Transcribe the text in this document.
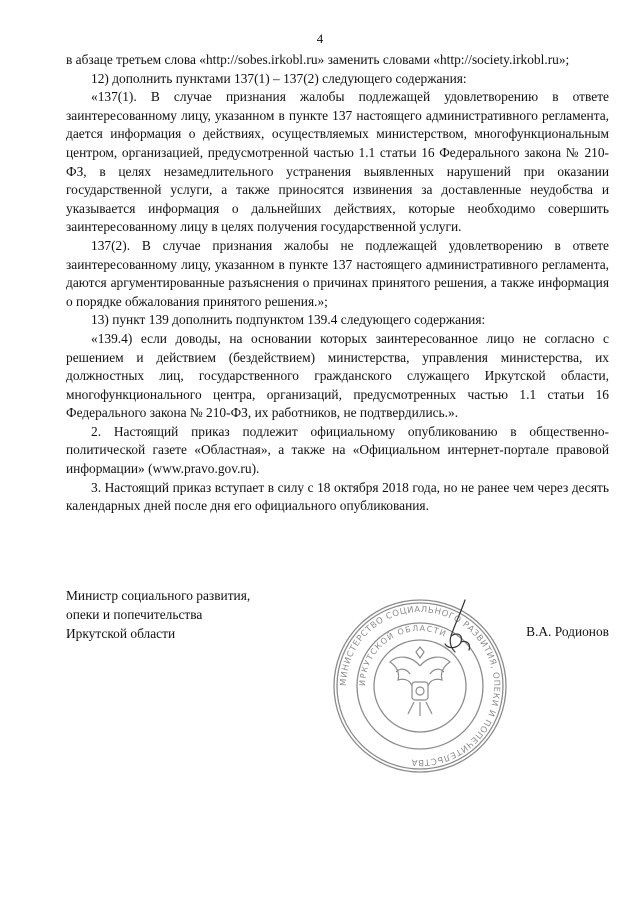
4

в абзаце третьем слова «http://sobes.irkobl.ru» заменить словами «http://society.irkobl.ru»;

12) дополнить пунктами 137(1) – 137(2) следующего содержания:

«137(1). В случае признания жалобы подлежащей удовлетворению в ответе заинтересованному лицу, указанном в пункте 137 настоящего административного регламента, дается информация о действиях, осуществляемых министерством, многофункциональным центром, организацией, предусмотренной частью 1.1 статьи 16 Федерального закона № 210-ФЗ, в целях незамедлительного устранения выявленных нарушений при оказании государственной услуги, а также приносятся извинения за доставленные неудобства и указывается информация о дальнейших действиях, которые необходимо совершить заинтересованному лицу в целях получения государственной услуги.

137(2). В случае признания жалобы не подлежащей удовлетворению в ответе заинтересованному лицу, указанном в пункте 137 настоящего административного регламента, даются аргументированные разъяснения о причинах принятого решения, а также информация о порядке обжалования принятого решения.»;

13) пункт 139 дополнить подпунктом 139.4 следующего содержания:

«139.4) если доводы, на основании которых заинтересованное лицо не согласно с решением и действием (бездействием) министерства, управления министерства, их должностных лиц, государственного гражданского служащего Иркутской области, многофункционального центра, организаций, предусмотренных частью 1.1 статьи 16 Федерального закона № 210-ФЗ, их работников, не подтвердились.».

2. Настоящий приказ подлежит официальному опубликованию в общественно-политической газете «Областная», а также на «Официальном интернет-портале правовой информации» (www.pravo.gov.ru).

3. Настоящий приказ вступает в силу с 18 октября 2018 года, но не ранее чем через десять календарных дней после дня его официального опубликования.

Министр социального развития,
опеки и попечительства
Иркутской области	В.А. Родионов
МИНИСТЕРСТВО СОЦИАЛЬНОГО РАЗВИТИЯ, ОПЕКИ И ПОПЕЧИТЕЛЬСТВА
ИРКУТСКОЙ ОБЛАСТИ
